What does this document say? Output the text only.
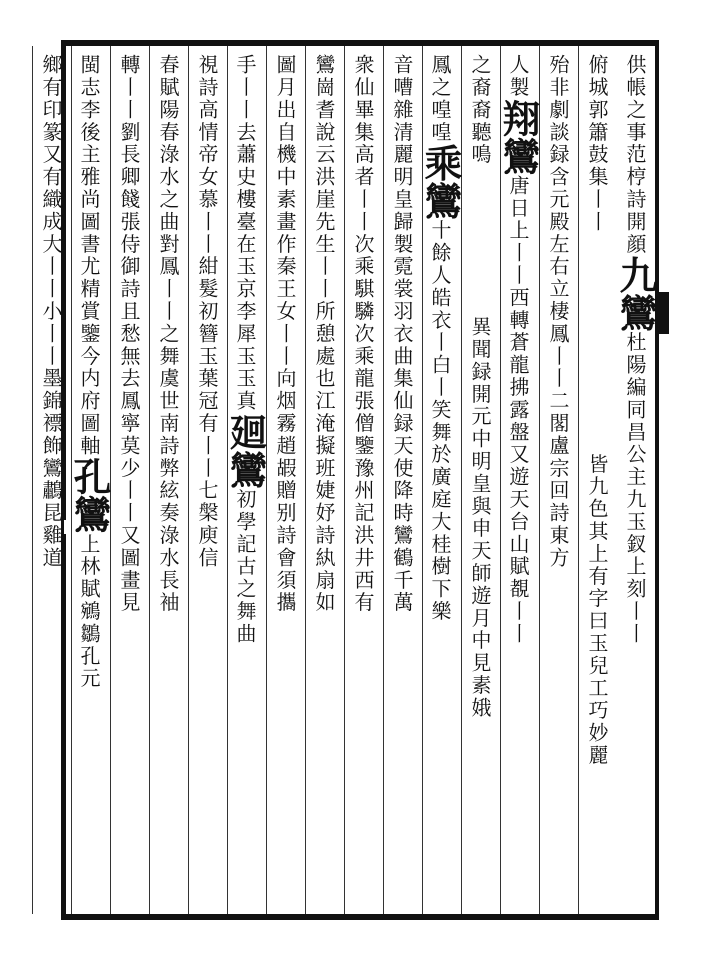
供帳之事范梈詩開顔九鸞杜陽編同昌公主九玉釵上刻丨丨
俯城郭簫鼓集丨丨皆九色其上有字曰玉兒工巧妙麗
殆非劇談録含元殿左右立棲鳳丨丨二閣盧宗回詩東方
人製翔鸞唐日上丨丨西轉蒼龍拂露盤又遊天台山賦覩丨丨
之裔裔聽鳴異聞録開元中明皇與申天師遊月中見素娥
鳳之喤喤乘鸞十餘人皓衣丨白丨笑舞於廣庭大桂樹下樂
音嘈雜清麗明皇歸製霓裳羽衣曲集仙録天使降時鸞鶴千萬
衆仙畢集高者丨丨次乘騏驎次乘龍張僧鑒豫州記洪井西有
鸞崗耆說云洪崖先生丨丨所憩處也江淹擬班婕妤詩紈扇如
圖月出自機中素畫作秦王女丨丨向烟霧趙嘏贈别詩會須攜
手丨丨去蕭史樓臺在玉京李犀玉玉真廻鸞初學記古之舞曲
視詩高情帝女慕丨丨紺髮初簪玉葉冠有丨丨七槃庾信
春賦陽春淥水之曲對鳳丨丨之舞虞世南詩弊絃奏淥水長袖
轉丨丨劉長卿餞張侍御詩且愁無去鳳寧莫少丨丨又圖畫見
閩志李後主雅尚圖書尤精賞鑒今内府圖軸孔鸞上林賦鵷鶵孔元
鄉有印篆又有織成大丨丨小丨丨墨錦褾飾鸞鷫昆雞道
